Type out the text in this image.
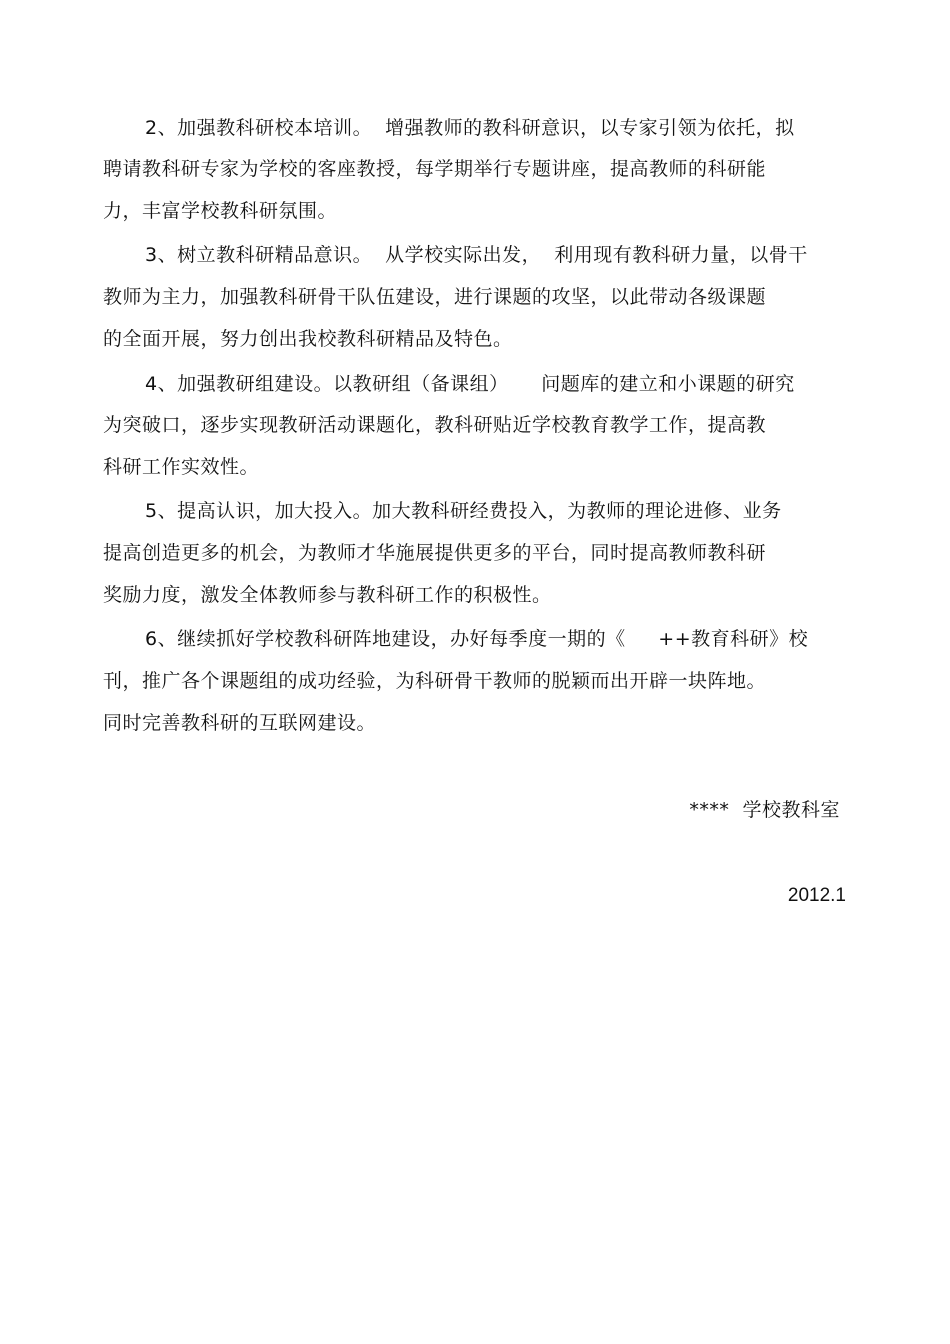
2、加强教科研校本培训。  增强教师的教科研意识，以专家引领为依托，拟
聘请教科研专家为学校的客座教授，每学期举行专题讲座，提高教师的科研能
力，丰富学校教科研氛围。
3、树立教科研精品意识。  从学校实际出发，  利用现有教科研力量，以骨干
教师为主力，加强教科研骨干队伍建设，进行课题的攻坚，以此带动各级课题
的全面开展，努力创出我校教科研精品及特色。
4、加强教研组建设。以教研组（备课组）     问题库的建立和小课题的研究
为突破口，逐步实现教研活动课题化，教科研贴近学校教育教学工作，提高教
科研工作实效性。
5、提高认识，加大投入。加大教科研经费投入，为教师的理论进修、业务
提高创造更多的机会，为教师才华施展提供更多的平台，同时提高教师教科研
奖励力度，激发全体教师参与教科研工作的积极性。
6、继续抓好学校教科研阵地建设，办好每季度一期的《     ++教育科研》校
刊，推广各个课题组的成功经验，为科研骨干教师的脱颖而出开辟一块阵地。
同时完善教科研的互联网建设。
****  学校教科室
2012.1
